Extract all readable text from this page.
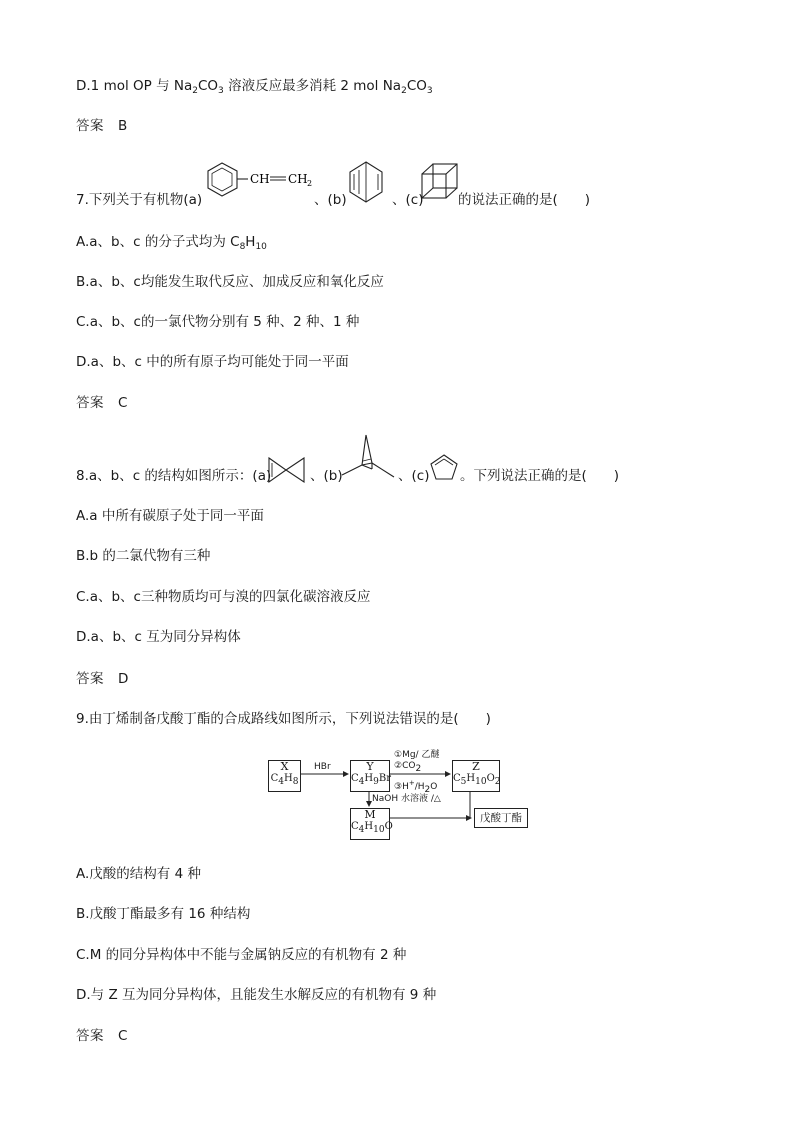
D.1 mol OP 与 $Na_2CO_3$ 溶液反应最多消耗 2 mol $Na_2CO_3$
答案 B
7.下列关于有机物(a)
CH CH 2
、(b)	、(c)	的说法正确的是(　　)
A.a、b、c 的分子式均为 $C_8H_{10}$
B.a、b、c均能发生取代反应、加成反应和氧化反应
C.a、b、c的一氯代物分别有 5 种、2 种、1 种
D.a、b、c 中的所有原子均可能处于同一平面
答案 C
8.a、b、c 的结构如图所示：(a)	、(b)	、(c) 。下列说法正确的是(　　)
A.a 中所有碳原子处于同一平面
B.b 的二氯代物有三种
C.a、b、c三种物质均可与溴的四氯化碳溶液反应
D.a、b、c 互为同分异构体
答案 D
9.由丁烯制备戊酸丁酯的合成路线如图所示，下列说法错误的是(　　)
X
$C_4H_8$
Y
$C_4H_9Br$
Z
$C_5H_{10}O_2$
M
$C_4H_{10}O$
戊酸丁酯
HBr
①Mg/ 乙醚
$②CO_2$
$③H^+/H_2O$
NaOH 水溶液 /△
A.戊酸的结构有 4 种
B.戊酸丁酯最多有 16 种结构
C.M 的同分异构体中不能与金属钠反应的有机物有 2 种
D.与 Z 互为同分异构体，且能发生水解反应的有机物有 9 种
答案 C
